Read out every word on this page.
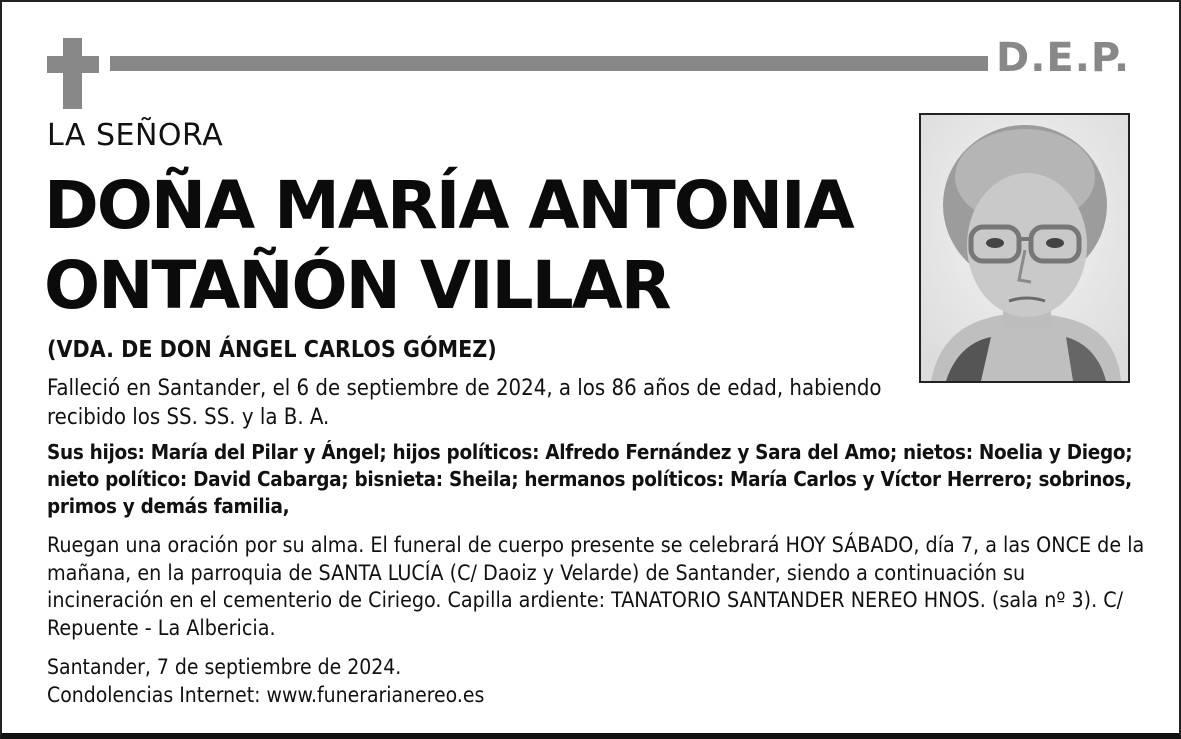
D.E.P.
LA SEÑORA
DOÑA MARÍA ANTONIA
ONTAÑÓN VILLAR
(VDA. DE DON ÁNGEL CARLOS GÓMEZ)

Falleció en Santander, el 6 de septiembre de 2024, a los 86 años de edad, habiendo recibido los SS. SS. y la B. A.

Sus hijos: María del Pilar y Ángel; hijos políticos: Alfredo Fernández y Sara del Amo; nietos: Noelia y Diego; nieto político: David Cabarga; bisnieta: Sheila; hermanos políticos: María Carlos y Víctor Herrero; sobrinos, primos y demás familia,

Ruegan una oración por su alma. El funeral de cuerpo presente se celebrará HOY SÁBADO, día 7, a las ONCE de la mañana, en la parroquia de SANTA LUCÍA (C/ Daoiz y Velarde) de Santander, siendo a continuación su incineración en el cementerio de Ciriego. Capilla ardiente: TANATORIO SANTANDER NEREO HNOS. (sala nº 3). C/ Repuente - La Albericia.

Santander, 7 de septiembre de 2024.
Condolencias Internet: www.funerarianereo.es
